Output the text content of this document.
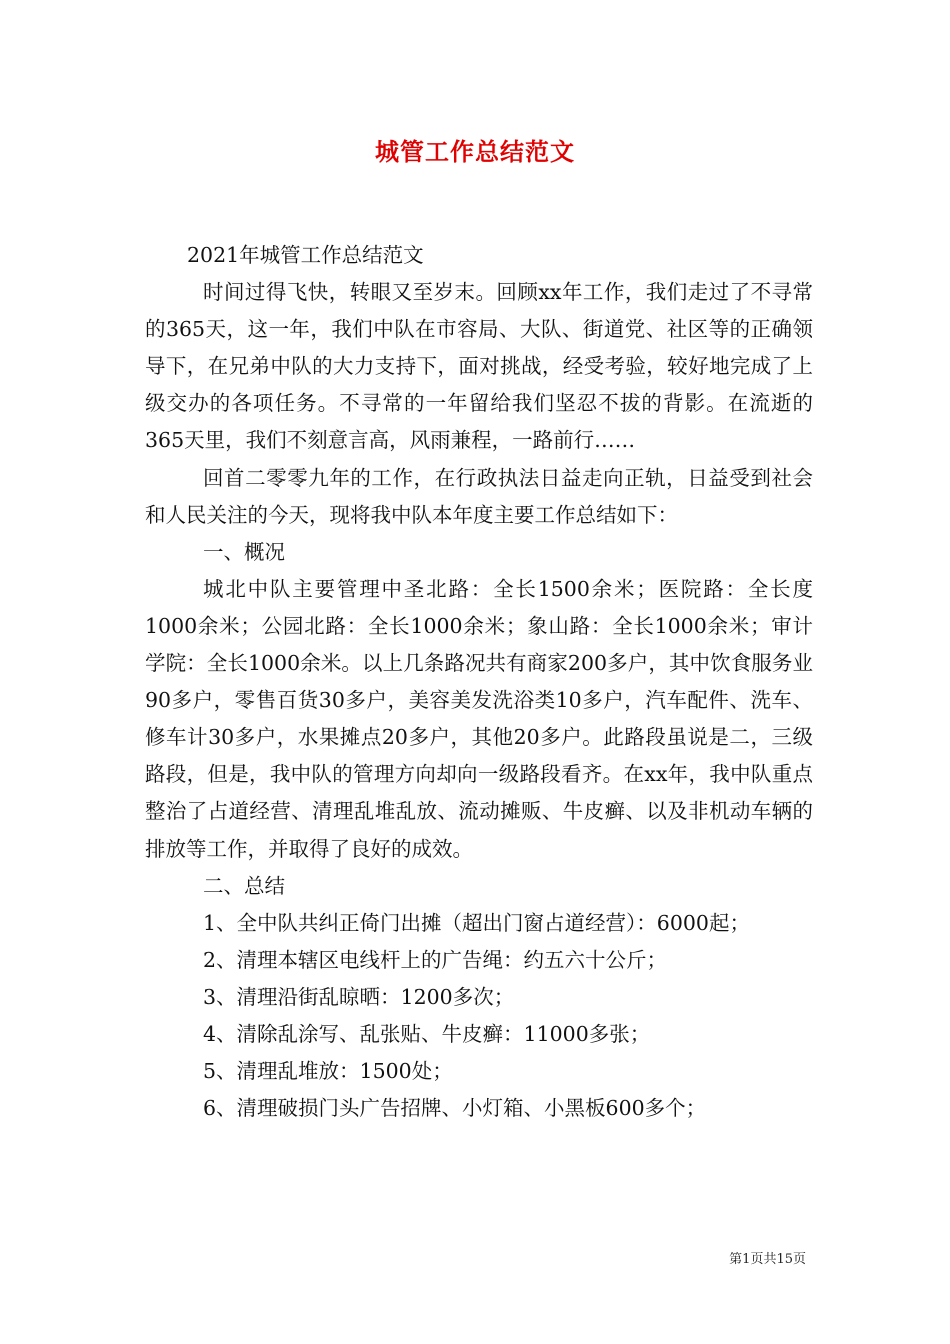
城管工作总结范文

2021年城管工作总结范文

时间过得飞快，转眼又至岁末。回顾xx年工作，我们走过了不寻常的365天，这一年，我们中队在市容局、大队、街道党、社区等的正确领导下，在兄弟中队的大力支持下，面对挑战，经受考验，较好地完成了上级交办的各项任务。不寻常的一年留给我们坚忍不拔的背影。在流逝的365天里，我们不刻意言高，风雨兼程，一路前行……

回首二零零九年的工作，在行政执法日益走向正轨，日益受到社会和人民关注的今天，现将我中队本年度主要工作总结如下：

一、概况

城北中队主要管理中圣北路：全长1500余米；医院路：全长度1000余米；公园北路：全长1000余米；象山路：全长1000余米；审计学院：全长1000余米。以上几条路况共有商家200多户，其中饮食服务业90多户，零售百货30多户，美容美发洗浴类10多户，汽车配件、洗车、修车计30多户，水果摊点20多户，其他20多户。此路段虽说是二，三级路段，但是，我中队的管理方向却向一级路段看齐。在xx年，我中队重点整治了占道经营、清理乱堆乱放、流动摊贩、牛皮癣、以及非机动车辆的排放等工作，并取得了良好的成效。

二、总结

1、全中队共纠正倚门出摊（超出门窗占道经营）：6000起；

2、清理本辖区电线杆上的广告绳：约五六十公斤；

3、清理沿街乱晾晒：1200多次；

4、清除乱涂写、乱张贴、牛皮癣：11000多张；

5、清理乱堆放：1500处；

6、清理破损门头广告招牌、小灯箱、小黑板600多个；

第1页共15页
